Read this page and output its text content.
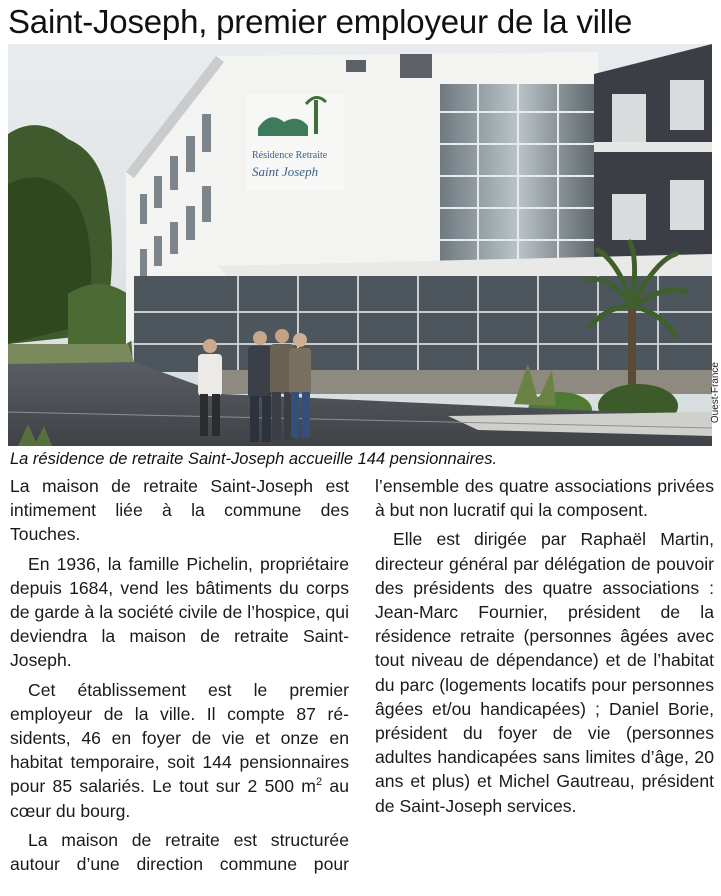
Saint-Joseph, premier employeur de la ville
Résidence Retraite
Saint Joseph
Ouest-France
La résidence de retraite Saint-Joseph accueille 144 pensionnaires.

La maison de retraite Saint-Joseph est intimement liée à la commune des Touches.

En 1936, la famille Pichelin, propriétaire depuis 1684, vend les bâtiments du corps de garde à la société civile de l’hospice, qui deviendra la maison de retraite Saint-Joseph.

Cet établissement est le premier employeur de la ville. Il compte 87 résidents, 46 en foyer de vie et onze en habitat temporaire, soit 144 pensionnaires pour 85 salariés. Le tout sur 2 500 $m^2$ au cœur du bourg.

La maison de retraite est structurée autour d’une direction commune pour l’ensemble des quatre associations privées à but non lucratif qui la composent.

Elle est dirigée par Raphaël Martin, directeur général par délégation de pouvoir des présidents des quatre associations : Jean-Marc Fournier, président de la résidence retraite (personnes âgées avec tout niveau de dépendance) et de l’habitat du parc (logements locatifs pour personnes âgées et/ou handicapées) ; Daniel Borie, président du foyer de vie (personnes adultes handicapées sans limites d’âge, 20 ans et plus) et Michel Gautreau, président de Saint-Joseph services.
